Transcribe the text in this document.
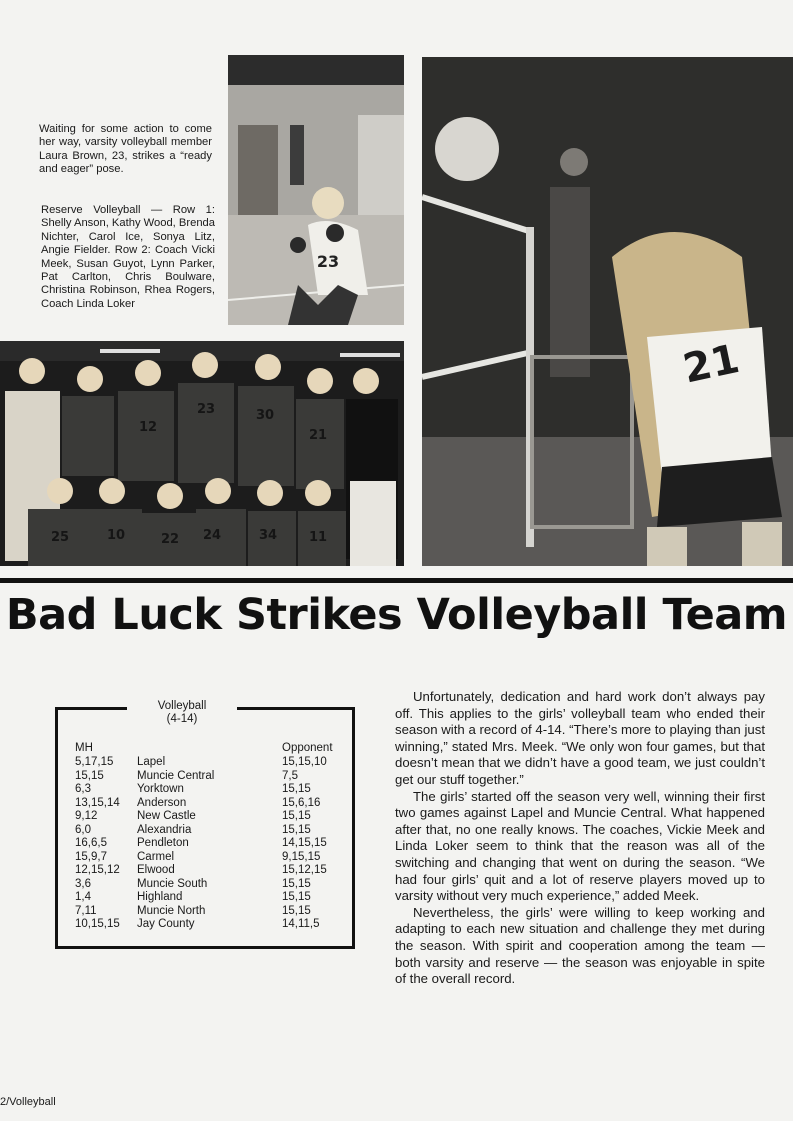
Waiting for some action to come her way, varsity volleyball member Laura Brown, 23, strikes a “ready and eager” pose.
Reserve Volleyball — Row 1: Shelly Anson, Kathy Wood, Brenda Nichter, Carol Ice, Sonya Litz, Angie Fielder. Row 2: Coach Vicki Meek, Susan Guyot, Lynn Parker, Pat Carlton, Chris Boulware, Christina Robinson, Rhea Rogers, Coach Linda Loker
23
21
12
23	30
21
25	10	22 24	34 11
Bad Luck Strikes Volleyball Team
Volleyball
(4-14)
MH	Opponent
5,17,15 Lapel	15,15,10
15,15	Muncie Central	7,5
6,3	Yorktown	15,15
13,15,14 Anderson	15,6,16
9,12	New Castle	15,15
6,0	Alexandria	15,15
16,6,5	Pendleton	14,15,15
15,9,7	Carmel	9,15,15
12,15,12 Elwood	15,12,15
3,6	Muncie South	15,15
1,4	Highland	15,15
7,11	Muncie North	15,15
10,15,15 Jay County	14,11,5

Unfortunately, dedication and hard work don’t always pay off. This applies to the girls’ volleyball team who ended their season with a record of 4-14. “There’s more to playing than just winning,” stated Mrs. Meek. “We only won four games, but that doesn’t mean that we didn’t have a good team, we just couldn’t get our stuff together.”

The girls’ started off the season very well, winning their first two games against Lapel and Muncie Central. What happened after that, no one really knows. The coaches, Vickie Meek and Linda Loker seem to think that the reason was all of the switching and changing that went on during the season. “We had four girls’ quit and a lot of reserve players moved up to varsity without very much experience,” added Meek.

Nevertheless, the girls’ were willing to keep working and adapting to each new situation and challenge they met during the season. With spirit and cooperation among the team — both varsity and reserve — the season was enjoyable in spite of the overall record.

2/Volleyball
